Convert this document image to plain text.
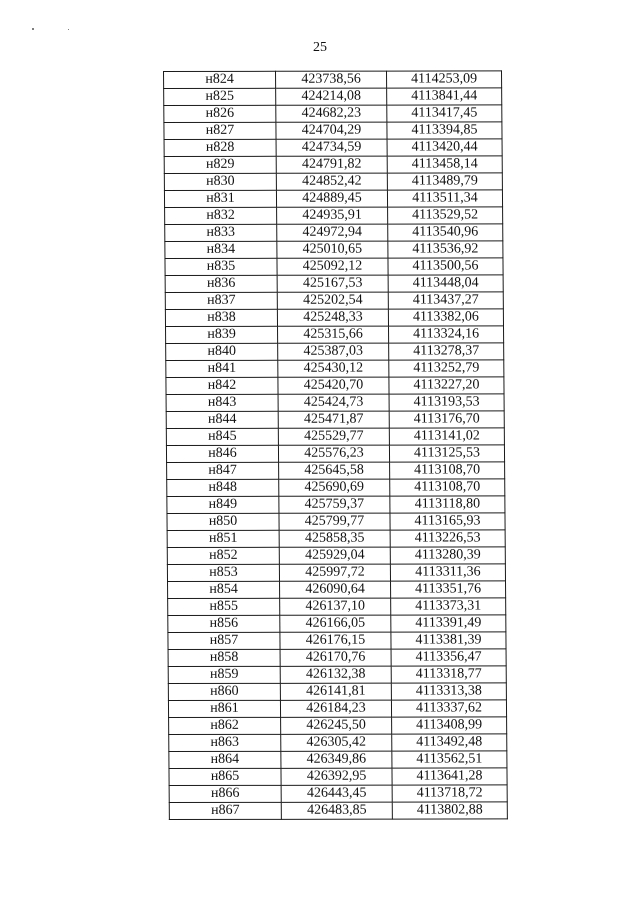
25
н824	423738,56	4114253,09
н825	424214,08	4113841,44
н826	424682,23	4113417,45
н827	424704,29	4113394,85
н828	424734,59	4113420,44
н829	424791,82	4113458,14
н830	424852,42	4113489,79
н831	424889,45	4113511,34
н832	424935,91	4113529,52
н833	424972,94	4113540,96
н834	425010,65	4113536,92
н835	425092,12	4113500,56
н836	425167,53	4113448,04
н837	425202,54	4113437,27
н838	425248,33	4113382,06
н839	425315,66	4113324,16
н840	425387,03	4113278,37
н841	425430,12	4113252,79
н842	425420,70	4113227,20
н843	425424,73	4113193,53
н844	425471,87	4113176,70
н845	425529,77	4113141,02
н846	425576,23	4113125,53
н847	425645,58	4113108,70
н848	425690,69	4113108,70
н849	425759,37	4113118,80
н850	425799,77	4113165,93
н851	425858,35	4113226,53
н852	425929,04	4113280,39
н853	425997,72	4113311,36
н854	426090,64	4113351,76
н855	426137,10	4113373,31
н856	426166,05	4113391,49
н857	426176,15	4113381,39
н858	426170,76	4113356,47
н859	426132,38	4113318,77
н860	426141,81	4113313,38
н861	426184,23	4113337,62
н862	426245,50	4113408,99
н863	426305,42	4113492,48
н864	426349,86	4113562,51
н865	426392,95	4113641,28
н866	426443,45	4113718,72
н867	426483,85	4113802,88
